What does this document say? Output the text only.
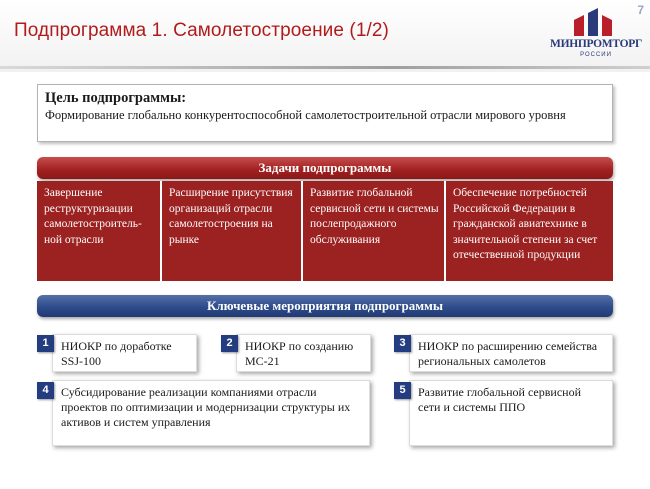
Подпрограмма 1. Самолетостроение (1/2)
7
МИНПРОМТОРГ
РОССИИ
Цель подпрограммы:
Формирование глобально конкурентоспособной самолетостроительной отрасли мирового уровня
Задачи подпрограммы
Завершение реструктуризации самолетостроитель-ной отрасли
Расширение присутствия организаций отрасли самолетостроения на рынке
Развитие глобальной сервисной сети и системы послепродажного обслуживания
Обеспечение потребностей Российской Федерации в гражданской авиатехнике в значительной степени за счет отечественной продукции
Ключевые мероприятия подпрограммы
НИОКР по доработке SSJ-100
1	НИОКР по созданию МС-21
2	НИОКР по расширению семейства региональных самолетов
3
Субсидирование реализации компаниями отрасли проектов по оптимизации и модернизации структуры их активов и систем управления
4	Развитие глобальной сервисной сети и системы ППО
5
